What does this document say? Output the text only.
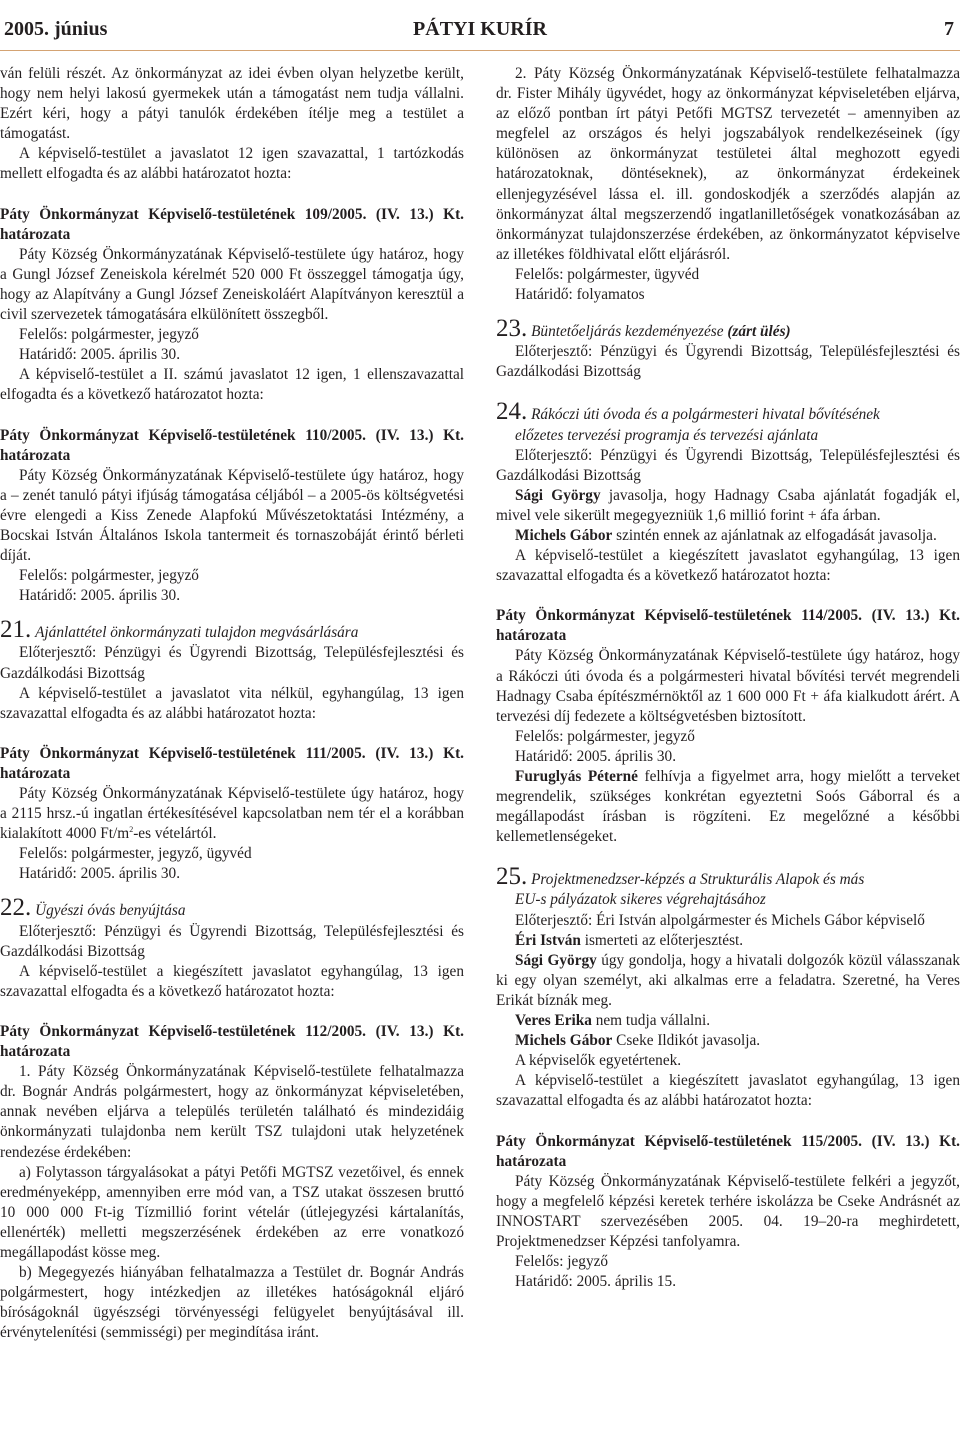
2005. június	PÁTYI KURÍR	7

ván felüli részét. Az önkormányzat az idei évben olyan helyzetbe került, hogy nem helyi lakosú gyermekek után a támogatást nem tudja vállalni. Ezért kéri, hogy a pátyi tanulók érdekében ítélje meg a testület a támogatást.

A képviselő-testület a javaslatot 12 igen szavazattal, 1 tartózkodás mellett elfogadta és az alábbi határozatot hozta:

Páty Önkormányzat Képviselő-testületének 109/2005. (IV. 13.) Kt. határozata

Páty Község Önkormányzatának Képviselő-testülete úgy határoz, hogy a Gungl József Zeneiskola kérelmét 520 000 Ft összeggel támogatja úgy, hogy az Alapítvány a Gungl József Zeneiskoláért Alapítványon keresztül a civil szervezetek támogatására elkülönített összegből.

Felelős: polgármester, jegyző

Határidő: 2005. április 30.

A képviselő-testület a II. számú javaslatot 12 igen, 1 ellenszavazattal elfogadta és a következő határozatot hozta:

Páty Önkormányzat Képviselő-testületének 110/2005. (IV. 13.) Kt. határozata

Páty Község Önkormányzatának Képviselő-testülete úgy határoz, hogy a – zenét tanuló pátyi ifjúság támogatása céljából – a 2005-ös költségvetési évre elengedi a Kiss Zenede Alapfokú Művészetoktatási Intézmény, a Bocskai István Általános Iskola tantermeit és tornaszobáját érintő bérleti díját.

Felelős: polgármester, jegyző

Határidő: 2005. április 30.

21. Ajánlattétel önkormányzati tulajdon megvásárlására

Előterjesztő: Pénzügyi és Ügyrendi Bizottság, Településfejlesztési és Gazdálkodási Bizottság

A képviselő-testület a javaslatot vita nélkül, egyhangúlag, 13 igen szavazattal elfogadta és az alábbi határozatot hozta:

Páty Önkormányzat Képviselő-testületének 111/2005. (IV. 13.) Kt. határozata

Páty Község Önkormányzatának Képviselő-testülete úgy határoz, hogy a 2115 hrsz.-ú ingatlan értékesítésével kapcsolatban nem tér el a korábban kialakított 4000 $Ft/m^2-es$ vételártól.

Felelős: polgármester, jegyző, ügyvéd

Határidő: 2005. április 30.

22. Ügyészi óvás benyújtása

Előterjesztő: Pénzügyi és Ügyrendi Bizottság, Településfejlesztési és Gazdálkodási Bizottság

A képviselő-testület a kiegészített javaslatot egyhangúlag, 13 igen szavazattal elfogadta és a következő határozatot hozta:

Páty Önkormányzat Képviselő-testületének 112/2005. (IV. 13.) Kt. határozata

1. Páty Község Önkormányzatának Képviselő-testülete felhatalmazza dr. Bognár András polgármestert, hogy az önkormányzat képviseletében, annak nevében eljárva a település területén található és mindezidáig önkormányzati tulajdonba nem került TSZ tulajdoni utak helyzetének rendezése érdekében:

a) Folytasson tárgyalásokat a pátyi Petőfi MGTSZ vezetőivel, és ennek eredményeképp, amennyiben erre mód van, a TSZ utakat összesen bruttó 10 000 000 Ft-ig Tízmillió forint vételár (útlejegyzési kártalanítás, ellenérték) melletti megszerzésének érdekében az erre vonatkozó megállapodást kösse meg.

b) Megegyezés hiányában felhatalmazza a Testület dr. Bognár András polgármestert, hogy intézkedjen az illetékes hatóságoknál eljáró bíróságoknál ügyészségi törvényességi felügyelet benyújtásával ill. érvénytelenítési (semmisségi) per megindítása iránt.

2. Páty Község Önkormányzatának Képviselő-testülete felhatalmazza dr. Fister Mihály ügyvédet, hogy az önkormányzat képviseletében eljárva, az előző pontban írt pátyi Petőfi MGTSZ tervezetét – amennyiben az megfelel az országos és helyi jogszabályok rendelkezéseinek (így különösen az önkormányzat testületei által meghozott egyedi határozatoknak, döntéseknek), az önkormányzat érdekeinek ellenjegyzésével lássa el. ill. gondoskodjék a szerződés alapján az önkormányzat által megszerzendő ingatlanilletőségek vonatkozásában az önkormányzat tulajdonszerzése érdekében, az önkormányzatot képviselve az illetékes földhivatal előtt eljárásról.

Felelős: polgármester, ügyvéd

Határidő: folyamatos

23. Büntetőeljárás kezdeményezése (zárt ülés)

Előterjesztő: Pénzügyi és Ügyrendi Bizottság, Településfejlesztési és Gazdálkodási Bizottság

24. Rákóczi úti óvoda és a polgármesteri hivatal bővítésének

előzetes tervezési programja és tervezési ajánlata

Előterjesztő: Pénzügyi és Ügyrendi Bizottság, Településfejlesztési és Gazdálkodási Bizottság

Sági György javasolja, hogy Hadnagy Csaba ajánlatát fogadják el, mivel vele sikerült megegyezniük 1,6 millió forint + áfa árban.

Michels Gábor szintén ennek az ajánlatnak az elfogadását javasolja.

A képviselő-testület a kiegészített javaslatot egyhangúlag, 13 igen szavazattal elfogadta és a következő határozatot hozta:

Páty Önkormányzat Képviselő-testületének 114/2005. (IV. 13.) Kt. határozata

Páty Község Önkormányzatának Képviselő-testülete úgy határoz, hogy a Rákóczi úti óvoda és a polgármesteri hivatal bővítési tervét megrendeli Hadnagy Csaba építészmérnöktől az 1 600 000 Ft + áfa kialkudott árért. A tervezési díj fedezete a költségvetésben biztosított.

Felelős: polgármester, jegyző

Határidő: 2005. április 30.

Furuglyás Péterné felhívja a figyelmet arra, hogy mielőtt a terveket megrendelik, szükséges konkrétan egyeztetni Soós Gáborral és a megállapodást írásban is rögzíteni. Ez megelőzné a későbbi kellemetlenségeket.

25. Projektmenedzser-képzés a Strukturális Alapok és más

EU-s pályázatok sikeres végrehajtásához

Előterjesztő: Éri István alpolgármester és Michels Gábor képviselő

Éri István ismerteti az előterjesztést.

Sági György úgy gondolja, hogy a hivatali dolgozók közül válasszanak ki egy olyan személyt, aki alkalmas erre a feladatra. Szeretné, ha Veres Erikát bíznák meg.

Veres Erika nem tudja vállalni.

Michels Gábor Cseke Ildikót javasolja.

A képviselők egyetértenek.

A képviselő-testület a kiegészített javaslatot egyhangúlag, 13 igen szavazattal elfogadta és az alábbi határozatot hozta:

Páty Önkormányzat Képviselő-testületének 115/2005. (IV. 13.) Kt. határozata

Páty Község Önkormányzatának Képviselő-testülete felkéri a jegyzőt, hogy a megfelelő képzési keretek terhére iskolázza be Cseke Andrásnét az INNOSTART szervezésében 2005. 04. 19–20-ra meghirdetett, Projektmenedzser Képzési tanfolyamra.

Felelős: jegyző

Határidő: 2005. április 15.
